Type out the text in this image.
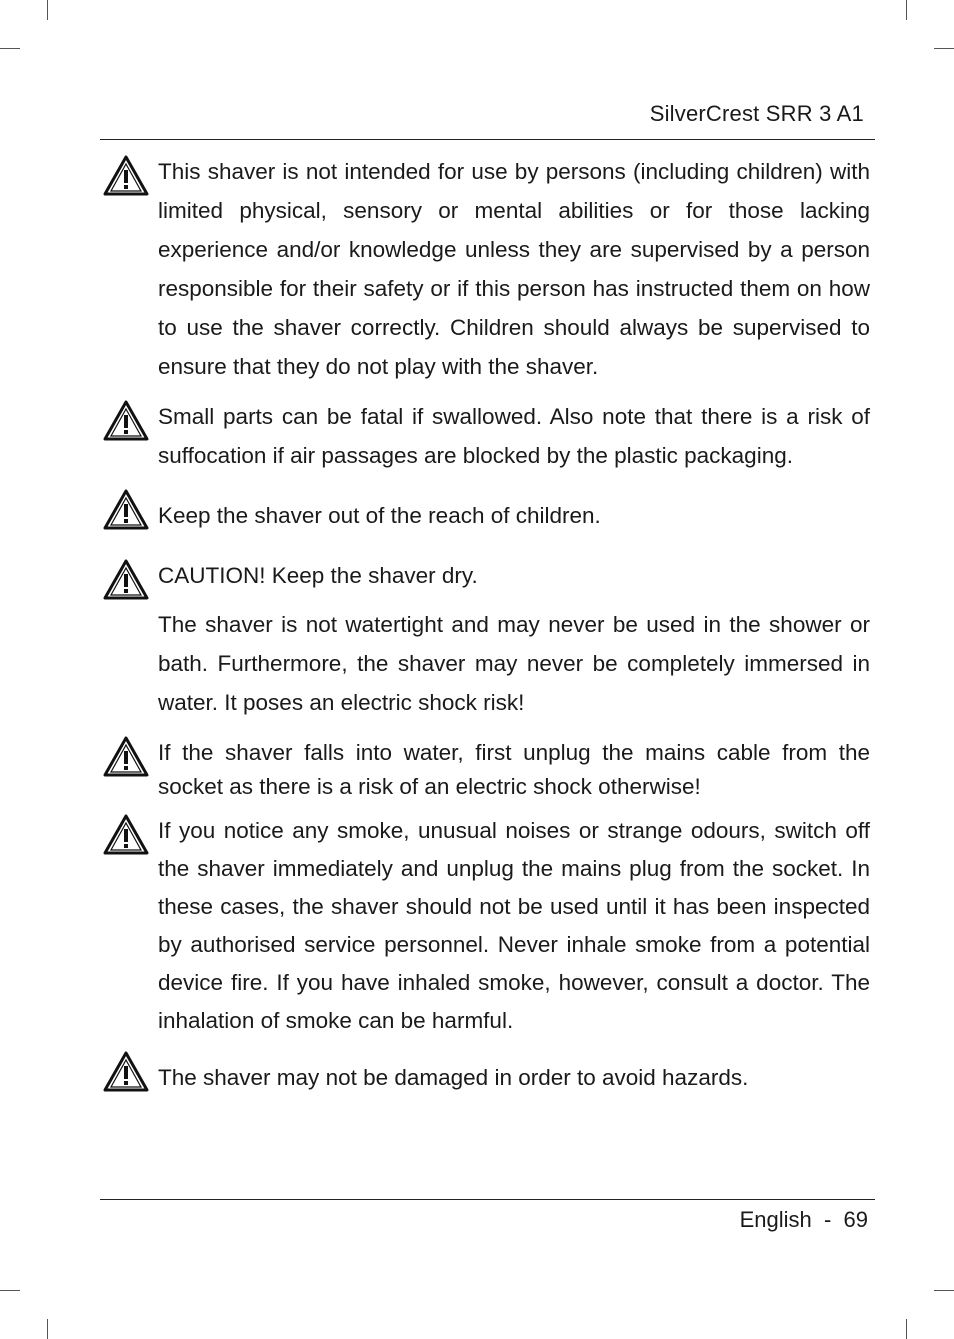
SilverCrest SRR 3 A1
This shaver is not intended for use by persons (including children) with limited physical, sensory or mental abilities or for those lacking experience and/or knowledge unless they are supervised by a person responsible for their safety or if this person has instructed them on how to use the shaver correctly. Children should always be supervised to ensure that they do not play with the shaver.
Small parts can be fatal if swallowed. Also note that there is a risk of suffocation if air passages are blocked by the plastic packaging.
Keep the shaver out of the reach of children.
CAUTION! Keep the shaver dry.
The shaver is not watertight and may never be used in the shower or bath. Furthermore, the shaver may never be completely immersed in water. It poses an electric shock risk!
If the shaver falls into water, first unplug the mains cable from the socket as there is a risk of an electric shock otherwise!
If you notice any smoke, unusual noises or strange odours, switch off the shaver immediately and unplug the mains plug from the socket. In these cases, the shaver should not be used until it has been inspected by authorised service personnel. Never inhale smoke from a potential device fire. If you have inhaled smoke, however, consult a doctor. The inhalation of smoke can be harmful.
The shaver may not be damaged in order to avoid hazards.
English - 69
